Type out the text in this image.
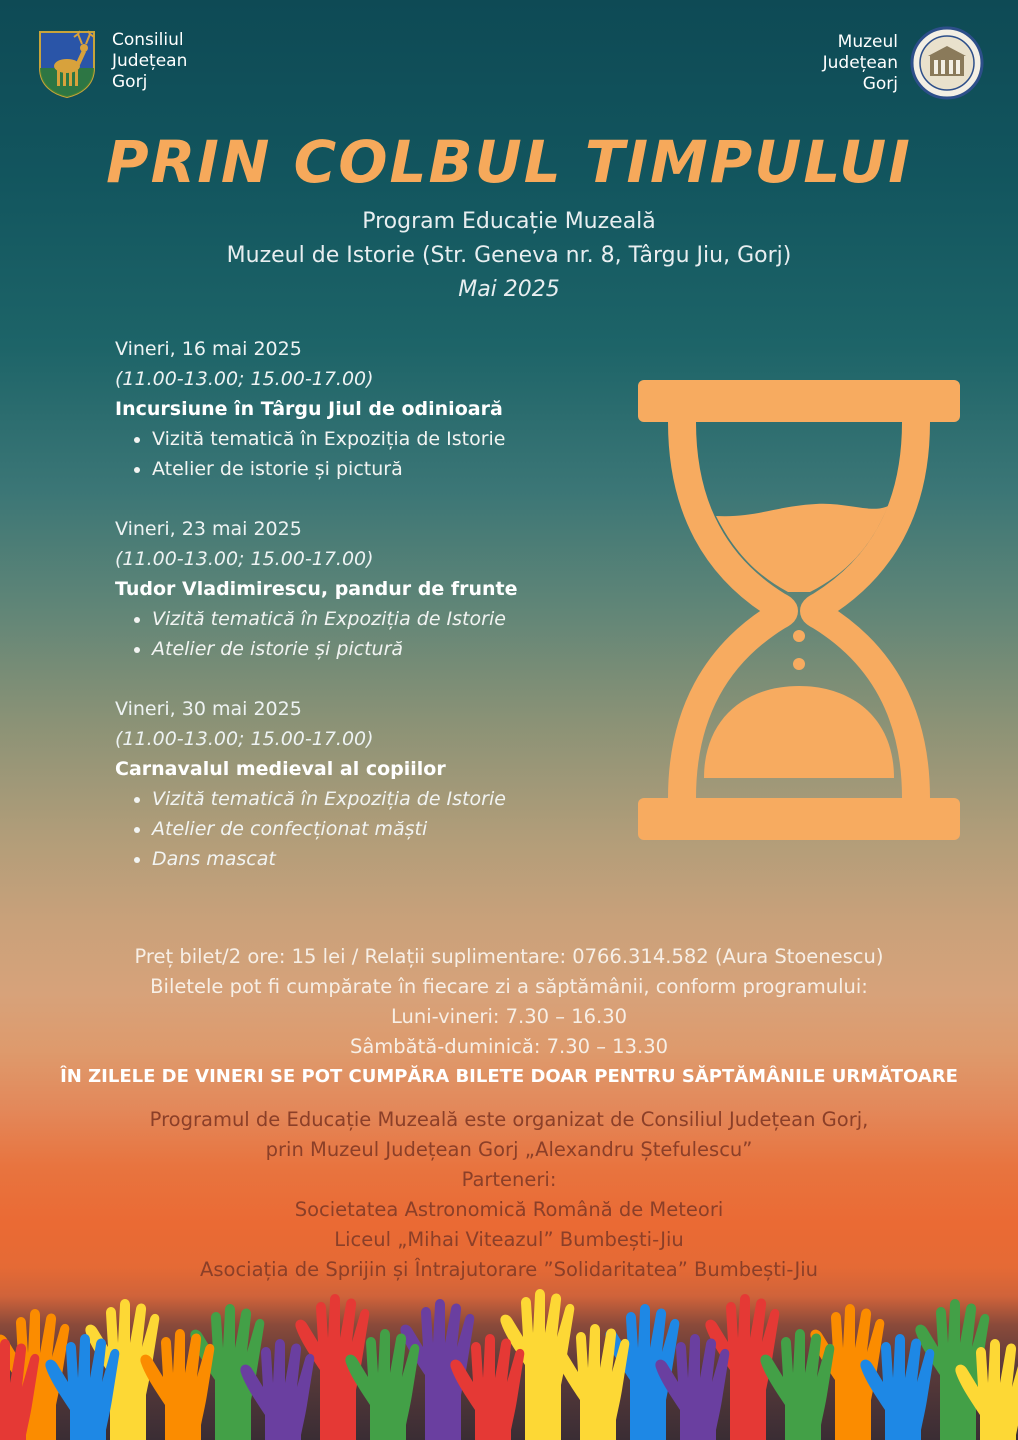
Consiliul
Județean
Gorj
Muzeul
Județean
Gorj
PRIN COLBUL TIMPULUI
Program Educație Muzeală
Muzeul de Istorie (Str. Geneva nr. 8, Târgu Jiu, Gorj)
Mai 2025
Vineri, 16 mai 2025
(11.00-13.00; 15.00-17.00)
Incursiune în Târgu Jiul de odinioară
• Vizită tematică în Expoziția de Istorie
• Atelier de istorie și pictură
Vineri, 23 mai 2025
(11.00-13.00; 15.00-17.00)
Tudor Vladimirescu, pandur de frunte
• Vizită tematică în Expoziția de Istorie
• Atelier de istorie și pictură
Vineri, 30 mai 2025
(11.00-13.00; 15.00-17.00)
Carnavalul medieval al copiilor
• Vizită tematică în Expoziția de Istorie
• Atelier de confecționat măști
• Dans mascat
Preț bilet/2 ore: 15 lei / Relații suplimentare: 0766.314.582 (Aura Stoenescu)
Biletele pot fi cumpărate în fiecare zi a săptămânii, conform programului:
Luni-vineri: 7.30 – 16.30
Sâmbătă-duminică: 7.30 – 13.30
ÎN ZILELE DE VINERI SE POT CUMPĂRA BILETE DOAR PENTRU SĂPTĂMÂNILE URMĂTOARE
Programul de Educație Muzeală este organizat de Consiliul Județean Gorj,
prin Muzeul Județean Gorj „Alexandru Ștefulescu”
Parteneri:
Societatea Astronomică Română de Meteori
Liceul „Mihai Viteazul” Bumbești-Jiu
Asociația de Sprijin și Întrajutorare ”Solidaritatea” Bumbești-Jiu
